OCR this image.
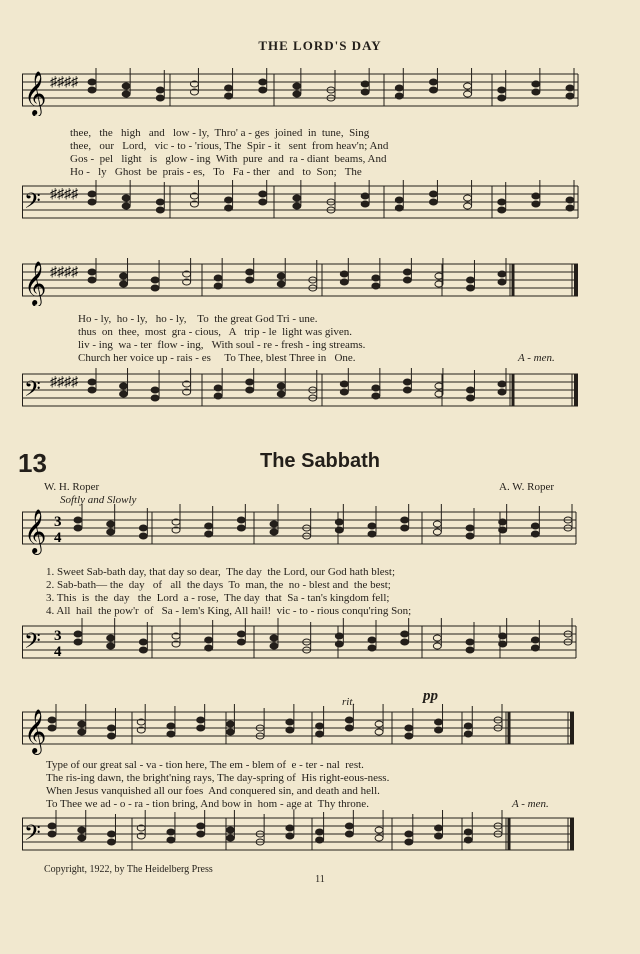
THE LORD'S DAY
𝄞 ♯♯♯♯
thee,   the   high   and   low - ly,  Thro' a - ges  joined  in  tune,  Sing
thee,   our   Lord,   vic - to - 'rious, The  Spir - it   sent  from heav'n; And
Gos -  pel   light   is   glow - ing  With  pure  and  ra - diant  beams, And
Ho -   ly   Ghost  be  prais - es,   To   Fa - ther   and   to  Son;   The
𝄢 ♯♯♯♯
𝄞 ♯♯♯♯
Ho - ly,  ho - ly,   ho - ly,    To  the great God Tri - une.
thus  on  thee,  most  gra - cious,   A   trip - le  light was given.
liv - ing  wa - ter  flow - ing,   With soul - re - fresh - ing streams.
Church her voice up - rais - es     To Thee, blest Three in   One.	A - men.
𝄢 ♯♯♯♯
13	The Sabbath
W. H. Roper	A. W. Roper
Softly and Slowly
𝄞 3
4
1. Sweet Sab-bath day, that day so dear,  The day  the Lord, our God hath blest;
2. Sab-bath— the  day   of   all  the days  To  man, the  no - blest and  the best;
3. This  is  the  day   the  Lord  a - rose,  The day  that  Sa - tan's kingdom fell;
4. All  hail  the pow'r  of   Sa - lem's King, All hail!  vic - to - rious conqu'ring Son;
𝄢 3
4
rit.	pp
𝄞
Type of our great sal - va - tion here, The em - blem of  e - ter - nal  rest.
The ris-ing dawn, the bright'ning rays, The day-spring of  His right-eous-ness.
When Jesus vanquished all our foes  And conquered sin, and death and hell.
To Thee we ad - o - ra - tion bring, And bow in  hom - age at  Thy throne.	A - men.
𝄢
Copyright, 1922, by The Heidelberg Press
11
